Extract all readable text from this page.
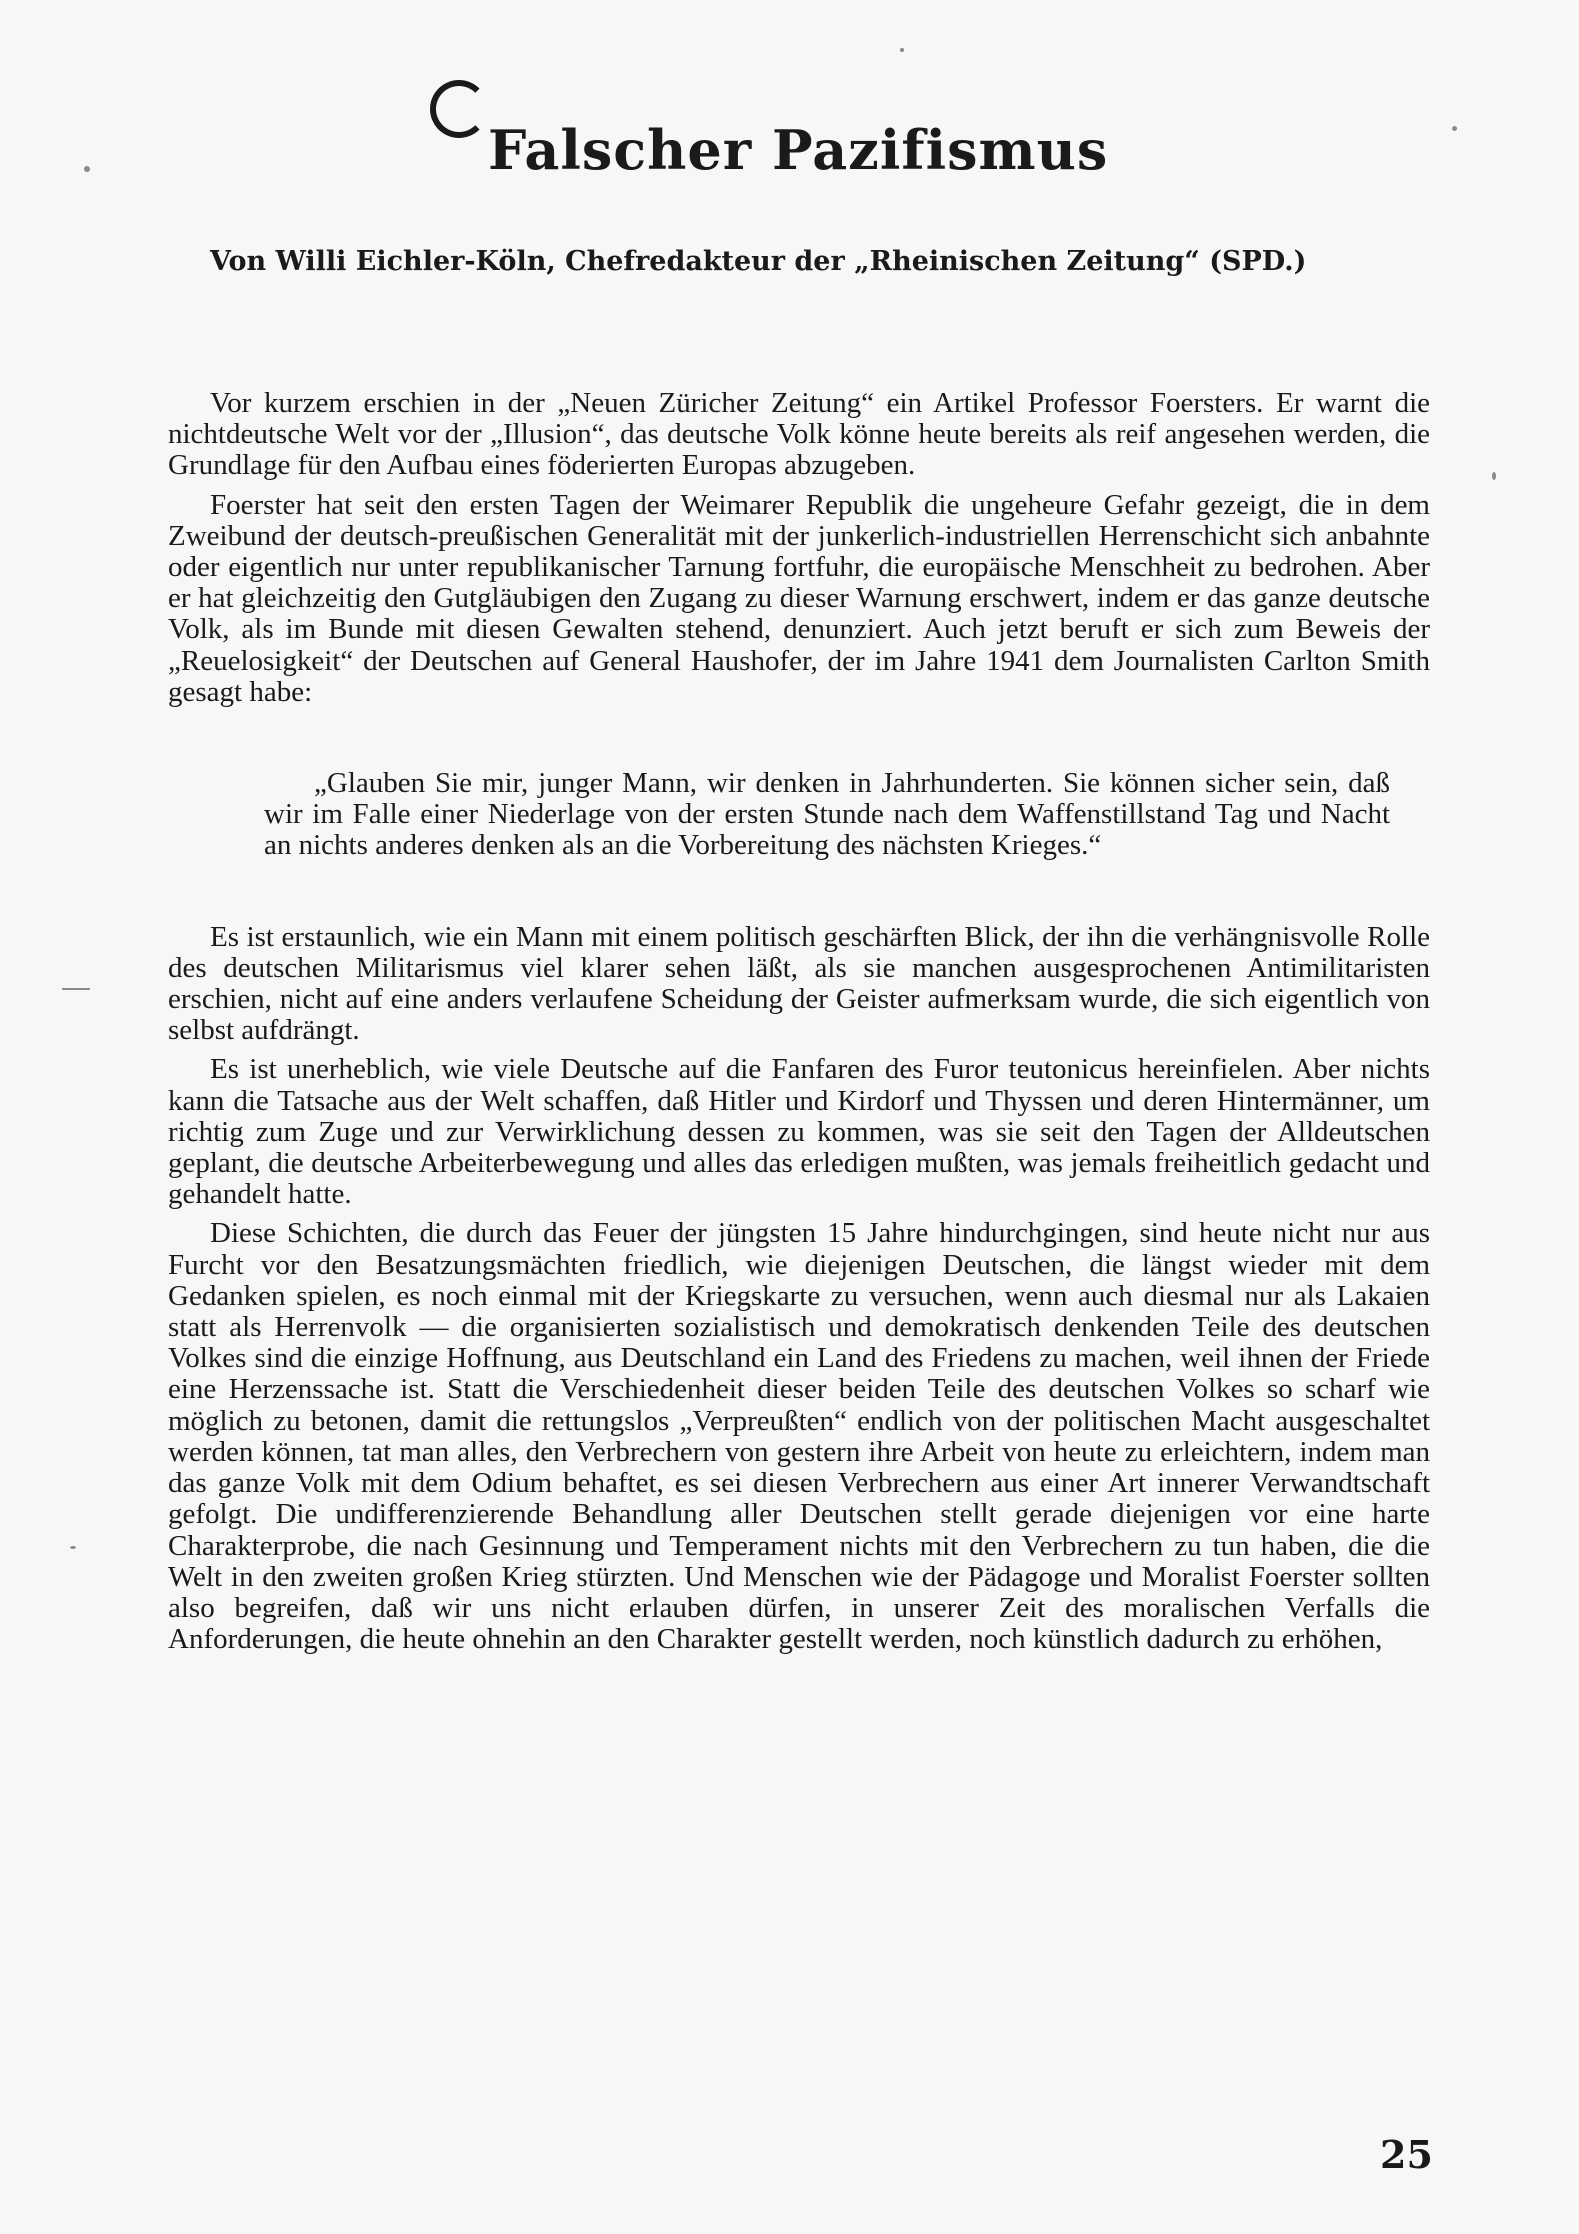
Falscher Pazifismus

Von Willi Eichler-Köln, Chefredakteur der „Rheinischen Zeitung“ (SPD.)

Vor kurzem erschien in der „Neuen Züricher Zeitung“ ein Artikel Professor Foersters. Er warnt die nichtdeutsche Welt vor der „Illusion“, das deutsche Volk könne heute bereits als reif angesehen werden, die Grundlage für den Aufbau eines föderierten Europas abzugeben.

Foerster hat seit den ersten Tagen der Weimarer Republik die ungeheure Gefahr gezeigt, die in dem Zweibund der deutsch-preußischen Generalität mit der junkerlich-industriellen Herrenschicht sich anbahnte oder eigentlich nur unter republikanischer Tarnung fortfuhr, die europäische Menschheit zu bedrohen. Aber er hat gleichzeitig den Gutgläubigen den Zugang zu dieser Warnung erschwert, indem er das ganze deutsche Volk, als im Bunde mit diesen Gewalten stehend, denunziert. Auch jetzt beruft er sich zum Beweis der „Reuelosigkeit“ der Deutschen auf General Haushofer, der im Jahre 1941 dem Journalisten Carlton Smith gesagt habe:

„Glauben Sie mir, junger Mann, wir denken in Jahrhunderten. Sie können sicher sein, daß wir im Falle einer Niederlage von der ersten Stunde nach dem Waffenstillstand Tag und Nacht an nichts anderes denken als an die Vorbereitung des nächsten Krieges.“

Es ist erstaunlich, wie ein Mann mit einem politisch geschärften Blick, der ihn die verhängnisvolle Rolle des deutschen Militarismus viel klarer sehen läßt, als sie manchen ausgesprochenen Antimilitaristen erschien, nicht auf eine anders verlaufene Scheidung der Geister aufmerksam wurde, die sich eigentlich von selbst aufdrängt.

Es ist unerheblich, wie viele Deutsche auf die Fanfaren des Furor teutonicus hereinfielen. Aber nichts kann die Tatsache aus der Welt schaffen, daß Hitler und Kirdorf und Thyssen und deren Hintermänner, um richtig zum Zuge und zur Verwirklichung dessen zu kommen, was sie seit den Tagen der Alldeutschen geplant, die deutsche Arbeiterbewegung und alles das erledigen mußten, was jemals freiheitlich gedacht und gehandelt hatte.

Diese Schichten, die durch das Feuer der jüngsten 15 Jahre hindurchgingen, sind heute nicht nur aus Furcht vor den Besatzungsmächten friedlich, wie diejenigen Deutschen, die längst wieder mit dem Gedanken spielen, es noch einmal mit der Kriegskarte zu versuchen, wenn auch diesmal nur als Lakaien statt als Herrenvolk — die organisierten sozialistisch und demokratisch denkenden Teile des deutschen Volkes sind die einzige Hoffnung, aus Deutschland ein Land des Friedens zu machen, weil ihnen der Friede eine Herzenssache ist. Statt die Verschiedenheit dieser beiden Teile des deutschen Volkes so scharf wie möglich zu betonen, damit die rettungslos „Verpreußten“ endlich von der politischen Macht ausgeschaltet werden können, tat man alles, den Verbrechern von gestern ihre Arbeit von heute zu erleichtern, indem man das ganze Volk mit dem Odium behaftet, es sei diesen Verbrechern aus einer Art innerer Verwandtschaft gefolgt. Die undifferenzierende Behandlung aller Deutschen stellt gerade diejenigen vor eine harte Charakterprobe, die nach Gesinnung und Temperament nichts mit den Verbrechern zu tun haben, die die Welt in den zweiten großen Krieg stürzten. Und Menschen wie der Pädagoge und Moralist Foerster sollten also begreifen, daß wir uns nicht erlauben dürfen, in unserer Zeit des moralischen Verfalls die Anforderungen, die heute ohnehin an den Charakter gestellt werden, noch künstlich dadurch zu erhöhen,

25
